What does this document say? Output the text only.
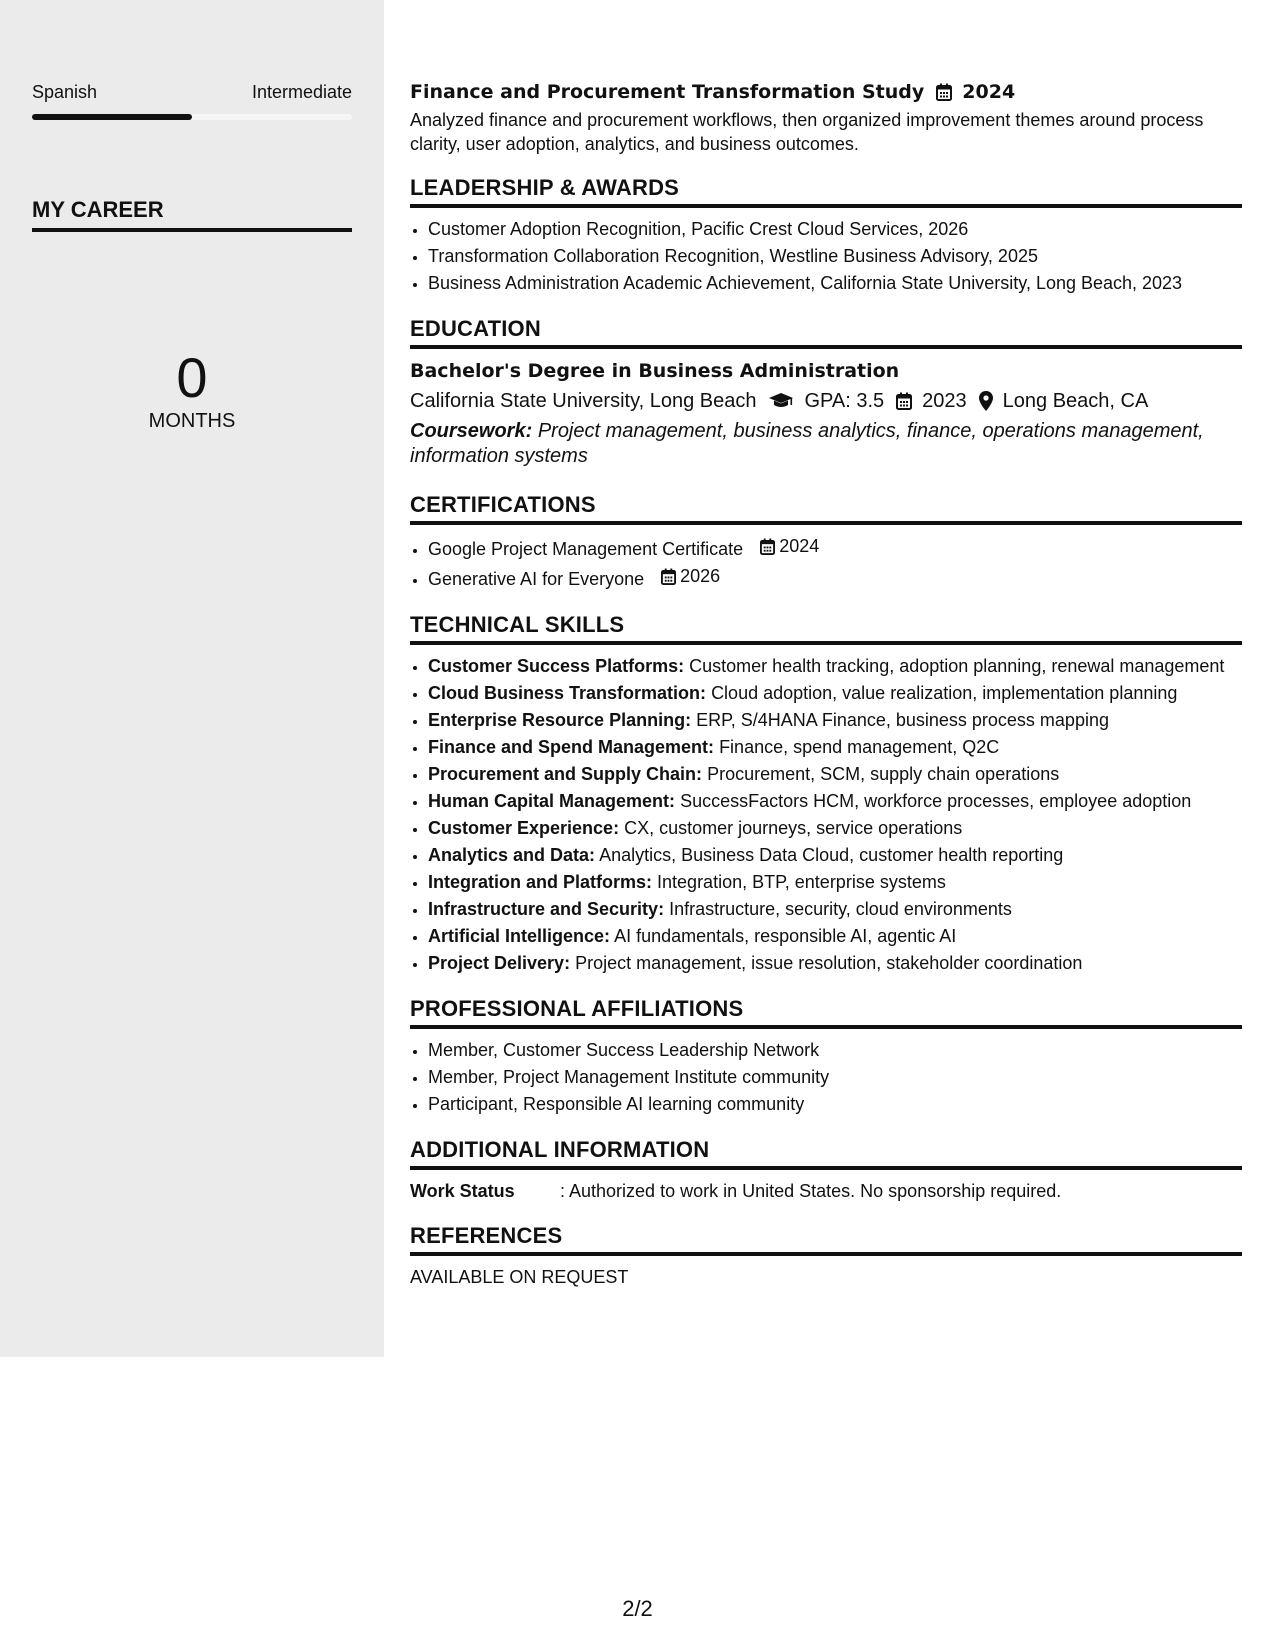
Spanish	Intermediate
MY CAREER
0
MONTHS
Finance and Procurement Transformation Study 2024
Analyzed finance and procurement workflows, then organized improvement themes around process clarity, user adoption, analytics, and business outcomes.
LEADERSHIP & AWARDS
• Customer Adoption Recognition, Pacific Crest Cloud Services, 2026
• Transformation Collaboration Recognition, Westline Business Advisory, 2025
• Business Administration Academic Achievement, California State University, Long Beach, 2023
EDUCATION
Bachelor's Degree in Business Administration
California State University, Long Beach GPA: 3.5 2023 Long Beach, CA
Coursework: Project management, business analytics, finance, operations management, information systems
CERTIFICATIONS
• Google Project Management Certificate 2024
• Generative AI for Everyone 2026
TECHNICAL SKILLS
• Customer Success Platforms: Customer health tracking, adoption planning, renewal management
• Cloud Business Transformation: Cloud adoption, value realization, implementation planning
• Enterprise Resource Planning: ERP, S/4HANA Finance, business process mapping
• Finance and Spend Management: Finance, spend management, Q2C
• Procurement and Supply Chain: Procurement, SCM, supply chain operations
• Human Capital Management: SuccessFactors HCM, workforce processes, employee adoption
• Customer Experience: CX, customer journeys, service operations
• Analytics and Data: Analytics, Business Data Cloud, customer health reporting
• Integration and Platforms: Integration, BTP, enterprise systems
• Infrastructure and Security: Infrastructure, security, cloud environments
• Artificial Intelligence: AI fundamentals, responsible AI, agentic AI
• Project Delivery: Project management, issue resolution, stakeholder coordination
PROFESSIONAL AFFILIATIONS
• Member, Customer Success Leadership Network
• Member, Project Management Institute community
• Participant, Responsible AI learning community
ADDITIONAL INFORMATION
Work Status	: Authorized to work in United States. No sponsorship required.
REFERENCES
AVAILABLE ON REQUEST
2/2
